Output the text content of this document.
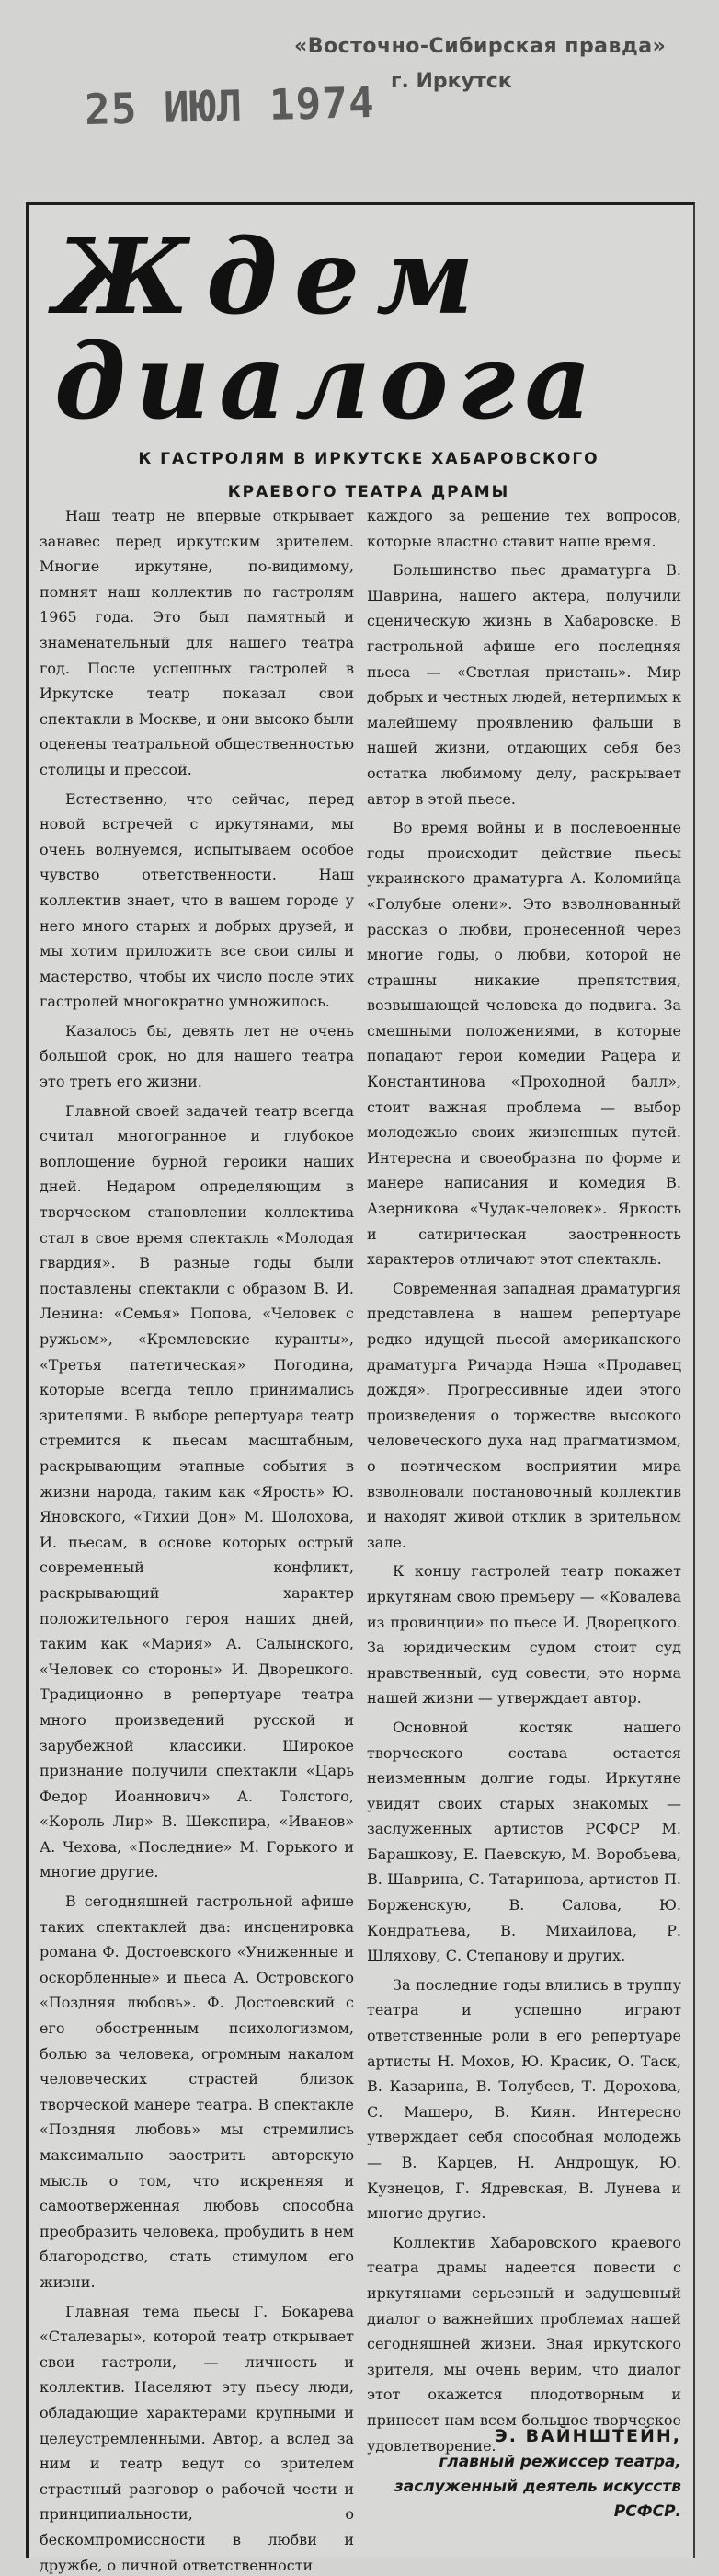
«Восточно-Сибирская правда»
25 ИЮЛ 1974 г. Иркутск
Ждем
диалога
К ГАСТРОЛЯМ В ИРКУТСКЕ ХАБАРОВСКОГО КРАЕВОГО ТЕАТРА ДРАМЫ

Наш театр не впервые открывает занавес перед иркутским зрителем. Многие иркутяне, по-видимому, помнят наш коллектив по гастролям 1965 года. Это был памятный и знаменательный для нашего театра год. После успешных гастролей в Иркутске театр показал свои спектакли в Москве, и они высоко были оценены театральной общественностью столицы и прессой.

Естественно, что сейчас, перед новой встречей с иркутянами, мы очень волнуемся, испытываем особое чувство ответственности. Наш коллектив знает, что в вашем городе у него много старых и добрых друзей, и мы хотим приложить все свои силы и мастерство, чтобы их число после этих гастролей многократно умножилось.

Казалось бы, девять лет не очень большой срок, но для нашего театра это треть его жизни.

Главной своей задачей театр всегда считал многогранное и глубокое воплощение бурной героики наших дней. Недаром определяющим в творческом становлении коллектива стал в свое время спектакль «Молодая гвардия». В разные годы были поставлены спектакли с образом В. И. Ленина: «Семья» Попова, «Человек с ружьем», «Кремлевские куранты», «Третья патетическая» Погодина, которые всегда тепло принимались зрителями. В выборе репертуара театр стремится к пьесам масштабным, раскрывающим этапные события в жизни народа, таким как «Ярость» Ю. Яновского, «Тихий Дон» М. Шолохова, И. пьесам, в основе которых острый современный конфликт, раскрывающий характер положительного героя наших дней, таким как «Мария» А. Салынского, «Человек со стороны» И. Дворецкого. Традиционно в репертуаре театра много произведений русской и зарубежной классики. Широкое признание получили спектакли «Царь Федор Иоаннович» А. Толстого, «Король Лир» В. Шекспира, «Иванов» А. Чехова, «Последние» М. Горького и многие другие.

В сегодняшней гастрольной афише таких спектаклей два: инсценировка романа Ф. Достоевского «Униженные и оскорбленные» и пьеса А. Островского «Поздняя любовь». Ф. Достоевский с его обостренным психологизмом, болью за человека, огромным накалом человеческих страстей близок творческой манере театра. В спектакле «Поздняя любовь» мы стремились максимально заострить авторскую мысль о том, что искренняя и самоотверженная любовь способна преобразить человека, пробудить в нем благородство, стать стимулом его жизни.

Главная тема пьесы Г. Бокарева «Сталевары», которой театр открывает свои гастроли, — личность и коллектив. Населяют эту пьесу люди, обладающие характерами крупными и целеустремленными. Автор, а вслед за ним и театр ведут со зрителем страстный разговор о рабочей чести и принципиальности, о бескомпромиссности в любви и дружбе, о личной ответственности

каждого за решение тех вопросов, которые властно ставит наше время.

Большинство пьес драматурга В. Шаврина, нашего актера, получили сценическую жизнь в Хабаровске. В гастрольной афише его последняя пьеса — «Светлая пристань». Мир добрых и честных людей, нетерпимых к малейшему проявлению фальши в нашей жизни, отдающих себя без остатка любимому делу, раскрывает автор в этой пьесе.

Во время войны и в послевоенные годы происходит действие пьесы украинского драматурга А. Коломийца «Голубые олени». Это взволнованный рассказ о любви, пронесенной через многие годы, о любви, которой не страшны никакие препятствия, возвышающей человека до подвига. За смешными положениями, в которые попадают герои комедии Рацера и Константинова «Проходной балл», стоит важная проблема — выбор молодежью своих жизненных путей. Интересна и своеобразна по форме и манере написания и комедия В. Азерникова «Чудак-человек». Яркость и сатирическая заостренность характеров отличают этот спектакль.

Современная западная драматургия представлена в нашем репертуаре редко идущей пьесой американского драматурга Ричарда Нэша «Продавец дождя». Прогрессивные идеи этого произведения о торжестве высокого человеческого духа над прагматизмом, о поэтическом восприятии мира взволновали постановочный коллектив и находят живой отклик в зрительном зале.

К концу гастролей театр покажет иркутянам свою премьеру — «Ковалева из провинции» по пьесе И. Дворецкого. За юридическим судом стоит суд нравственный, суд совести, это норма нашей жизни — утверждает автор.

Основной костяк нашего творческого состава остается неизменным долгие годы. Иркутяне увидят своих старых знакомых — заслуженных артистов РСФСР М. Барашкову, Е. Паевскую, М. Воробьева, В. Шаврина, С. Татаринова, артистов П. Борженскую, В. Салова, Ю. Кондратьева, В. Михайлова, Р. Шляхову, С. Степанову и других.

За последние годы влились в труппу театра и успешно играют ответственные роли в его репертуаре артисты Н. Мохов, Ю. Красик, О. Таск, В. Казарина, В. Толубеев, Т. Дорохова, С. Машеро, В. Киян. Интересно утверждает себя способная молодежь — В. Карцев, Н. Андрощук, Ю. Кузнецов, Г. Ядревская, В. Лунева и многие другие.

Коллектив Хабаровского краевого театра драмы надеется повести с иркутянами серьезный и задушевный диалог о важнейших проблемах нашей сегодняшней жизни. Зная иркутского зрителя, мы очень верим, что диалог этот окажется плодотворным и принесет нам всем большое творческое удовлетворение.

Э. ВАЙНШТЕЙН,
главный режиссер театра, заслуженный деятель искусств РСФСР.
